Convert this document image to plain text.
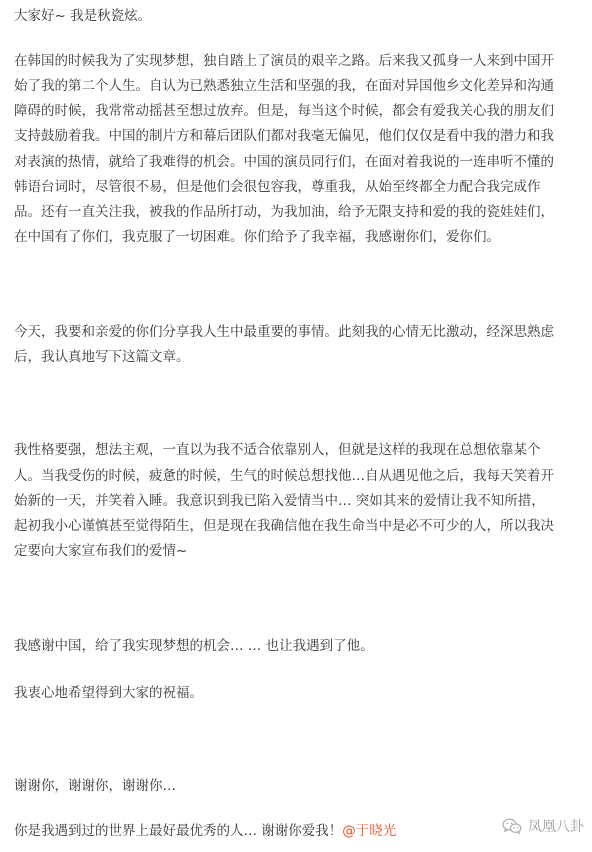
大家好~ 我是秋瓷炫。
在韩国的时候我为了实现梦想，独自踏上了演员的艰辛之路。后来我又孤身一人来到中国开
始了我的第二个人生。自认为已熟悉独立生活和坚强的我，在面对异国他乡文化差异和沟通
障碍的时候，我常常动摇甚至想过放弃。但是，每当这个时候，都会有爱我关心我的朋友们
支持鼓励着我。中国的制片方和幕后团队们都对我毫无偏见，他们仅仅是看中我的潜力和我
对表演的热情，就给了我难得的机会。中国的演员同行们，在面对着我说的一连串听不懂的
韩语台词时，尽管很不易，但是他们会很包容我，尊重我，从始至终都全力配合我完成作
品。还有一直关注我，被我的作品所打动，为我加油，给予无限支持和爱的我的瓷娃娃们，
在中国有了你们，我克服了一切困难。你们给予了我幸福，我感谢你们，爱你们。
今天，我要和亲爱的你们分享我人生中最重要的事情。此刻我的心情无比激动，经深思熟虑
后，我认真地写下这篇文章。
我性格要强，想法主观，一直以为我不适合依靠别人，但就是这样的我现在总想依靠某个
人。当我受伤的时候，疲惫的时候，生气的时候总想找他…自从遇见他之后，我每天笑着开
始新的一天，并笑着入睡。我意识到我已陷入爱情当中… 突如其来的爱情让我不知所措，
起初我小心谨慎甚至觉得陌生，但是现在我确信他在我生命当中是必不可少的人，所以我决
定要向大家宣布我们的爱情~
我感谢中国，给了我实现梦想的机会… … 也让我遇到了他。
我衷心地希望得到大家的祝福。
谢谢你，谢谢你，谢谢你…
你是我遇到过的世界上最好最优秀的人… 谢谢你爱我！@于晓光	凤凰八卦
